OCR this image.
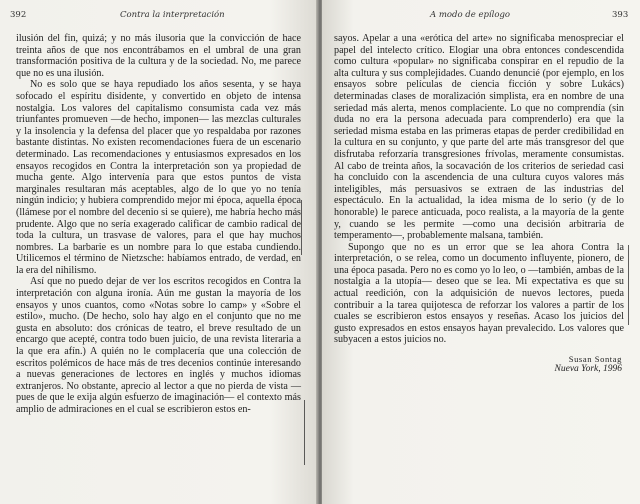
392	Contra la interpretación

ilusión del fin, quizá; y no más ilusoria que la convicción de hace treinta años de que nos encontrábamos en el umbral de una gran transformación positiva de la cultura y de la sociedad. No, me parece que no es una ilusión.

No es solo que se haya repudiado los años sesenta, y se haya sofocado el espíritu disidente, y convertido en objeto de intensa nostalgia. Los valores del capitalismo consumista cada vez más triunfantes promueven —de hecho, imponen— las mezclas culturales y la insolencia y la defensa del placer que yo respaldaba por razones bastante distintas. No existen recomendaciones fuera de un escenario determinado. Las recomendaciones y entusiasmos expresados en los ensayos recogidos en Contra la interpretación son ya propiedad de mucha gente. Algo intervenía para que estos puntos de vista marginales resultaran más aceptables, algo de lo que yo no tenía ningún indicio; y hubiera comprendido mejor mi época, aquella época (llámese por el nombre del decenio si se quiere), me habría hecho más prudente. Algo que no sería exagerado calificar de cambio radical de toda la cultura, un trasvase de valores, para el que hay muchos nombres. La barbarie es un nombre para lo que estaba cundiendo. Utilicemos el término de Nietzsche: habíamos entrado, de verdad, en la era del nihilismo.

Así que no puedo dejar de ver los escritos recogidos en Contra la interpretación con alguna ironía. Aún me gustan la mayoría de los ensayos y unos cuantos, como «Notas sobre lo camp» y «Sobre el estilo», mucho. (De hecho, solo hay algo en el conjunto que no me gusta en absoluto: dos crónicas de teatro, el breve resultado de un encargo que acepté, contra todo buen juicio, de una revista literaria a la que era afín.) A quién no le complacería que una colección de escritos polémicos de hace más de tres decenios continúe interesando a nuevas generaciones de lectores en inglés y muchos idiomas extranjeros. No obstante, aprecio al lector a que no pierda de vista —pues de que le exija algún esfuerzo de imaginación— el contexto más amplio de admiraciones en el cual se escribieron estos en-

A modo de epílogo	393

sayos. Apelar a una «erótica del arte» no significaba menospreciar el papel del intelecto crítico. Elogiar una obra entonces condescendida como cultura «popular» no significaba conspirar en el repudio de la alta cultura y sus complejidades. Cuando denuncié (por ejemplo, en los ensayos sobre películas de ciencia ficción y sobre Lukács) determinadas clases de moralización simplista, era en nombre de una seriedad más alerta, menos complaciente. Lo que no comprendía (sin duda no era la persona adecuada para comprenderlo) era que la seriedad misma estaba en las primeras etapas de perder credibilidad en la cultura en su conjunto, y que parte del arte más transgresor del que disfrutaba reforzaría transgresiones frívolas, meramente consumistas. Al cabo de treinta años, la socavación de los criterios de seriedad casi ha concluido con la ascendencia de una cultura cuyos valores más inteligibles, más persuasivos se extraen de las industrias del espectáculo. En la actualidad, la idea misma de lo serio (y de lo honorable) le parece anticuada, poco realista, a la mayoría de la gente y, cuando se les permite —como una decisión arbitraria de temperamento—, probablemente malsana, también.

Supongo que no es un error que se lea ahora Contra la interpretación, o se relea, como un documento influyente, pionero, de una época pasada. Pero no es como yo lo leo, o —también, ambas de la nostalgia a la utopía— deseo que se lea. Mi expectativa es que su actual reedición, con la adquisición de nuevos lectores, pueda contribuir a la tarea quijotesca de reforzar los valores a partir de los cuales se escribieron estos ensayos y reseñas. Acaso los juicios del gusto expresados en estos ensayos hayan prevalecido. Los valores que subyacen a estos juicios no.

Susan Sontag
Nueva York, 1996
